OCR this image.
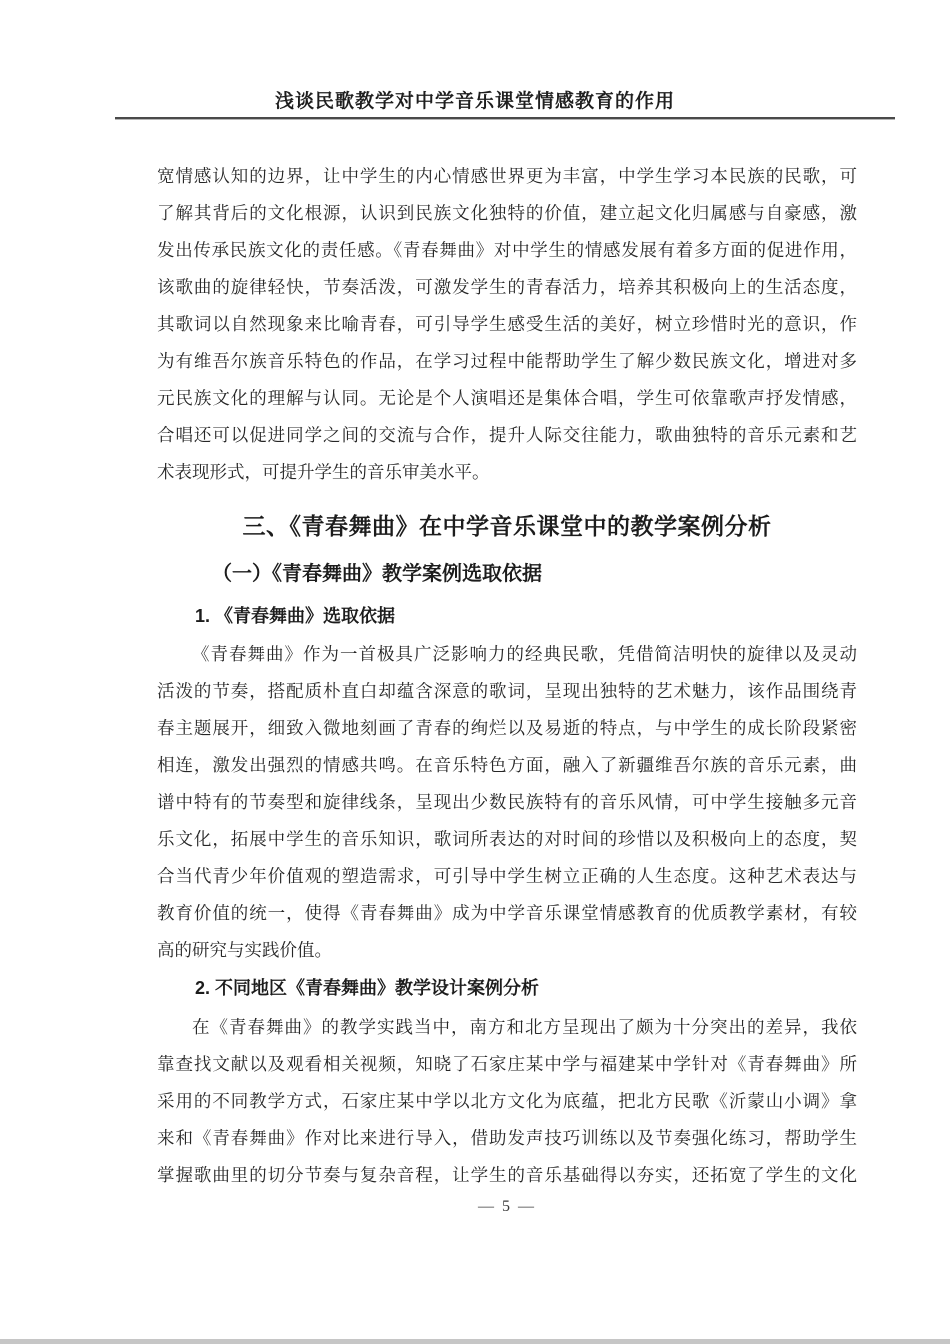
浅谈民歌教学对中学音乐课堂情感教育的作用
宽情感认知的边界，让中学生的内心情感世界更为丰富，中学生学习本民族的民歌，可
了解其背后的文化根源，认识到民族文化独特的价值，建立起文化归属感与自豪感，激
发出传承民族文化的责任感。《青春舞曲》对中学生的情感发展有着多方面的促进作用，
该歌曲的旋律轻快，节奏活泼，可激发学生的青春活力，培养其积极向上的生活态度，
其歌词以自然现象来比喻青春，可引导学生感受生活的美好，树立珍惜时光的意识，作
为有维吾尔族音乐特色的作品，在学习过程中能帮助学生了解少数民族文化，增进对多
元民族文化的理解与认同。无论是个人演唱还是集体合唱，学生可依靠歌声抒发情感，
合唱还可以促进同学之间的交流与合作，提升人际交往能力，歌曲独特的音乐元素和艺
术表现形式，可提升学生的音乐审美水平。
三、《青春舞曲》在中学音乐课堂中的教学案例分析
（一）《青春舞曲》教学案例选取依据
1. 《青春舞曲》选取依据
《青春舞曲》作为一首极具广泛影响力的经典民歌，凭借简洁明快的旋律以及灵动
活泼的节奏，搭配质朴直白却蕴含深意的歌词，呈现出独特的艺术魅力，该作品围绕青
春主题展开，细致入微地刻画了青春的绚烂以及易逝的特点，与中学生的成长阶段紧密
相连，激发出强烈的情感共鸣。在音乐特色方面，融入了新疆维吾尔族的音乐元素，曲
谱中特有的节奏型和旋律线条，呈现出少数民族特有的音乐风情，可中学生接触多元音
乐文化，拓展中学生的音乐知识，歌词所表达的对时间的珍惜以及积极向上的态度，契
合当代青少年价值观的塑造需求，可引导中学生树立正确的人生态度。这种艺术表达与
教育价值的统一，使得《青春舞曲》成为中学音乐课堂情感教育的优质教学素材，有较
高的研究与实践价值。
2. 不同地区《青春舞曲》教学设计案例分析
在《青春舞曲》的教学实践当中，南方和北方呈现出了颇为十分突出的差异，我依
靠查找文献以及观看相关视频，知晓了石家庄某中学与福建某中学针对《青春舞曲》所
采用的不同教学方式，石家庄某中学以北方文化为底蕴，把北方民歌《沂蒙山小调》拿
来和《青春舞曲》作对比来进行导入，借助发声技巧训练以及节奏强化练习，帮助学生
掌握歌曲里的切分节奏与复杂音程，让学生的音乐基础得以夯实，还拓宽了学生的文化
— 5 —
